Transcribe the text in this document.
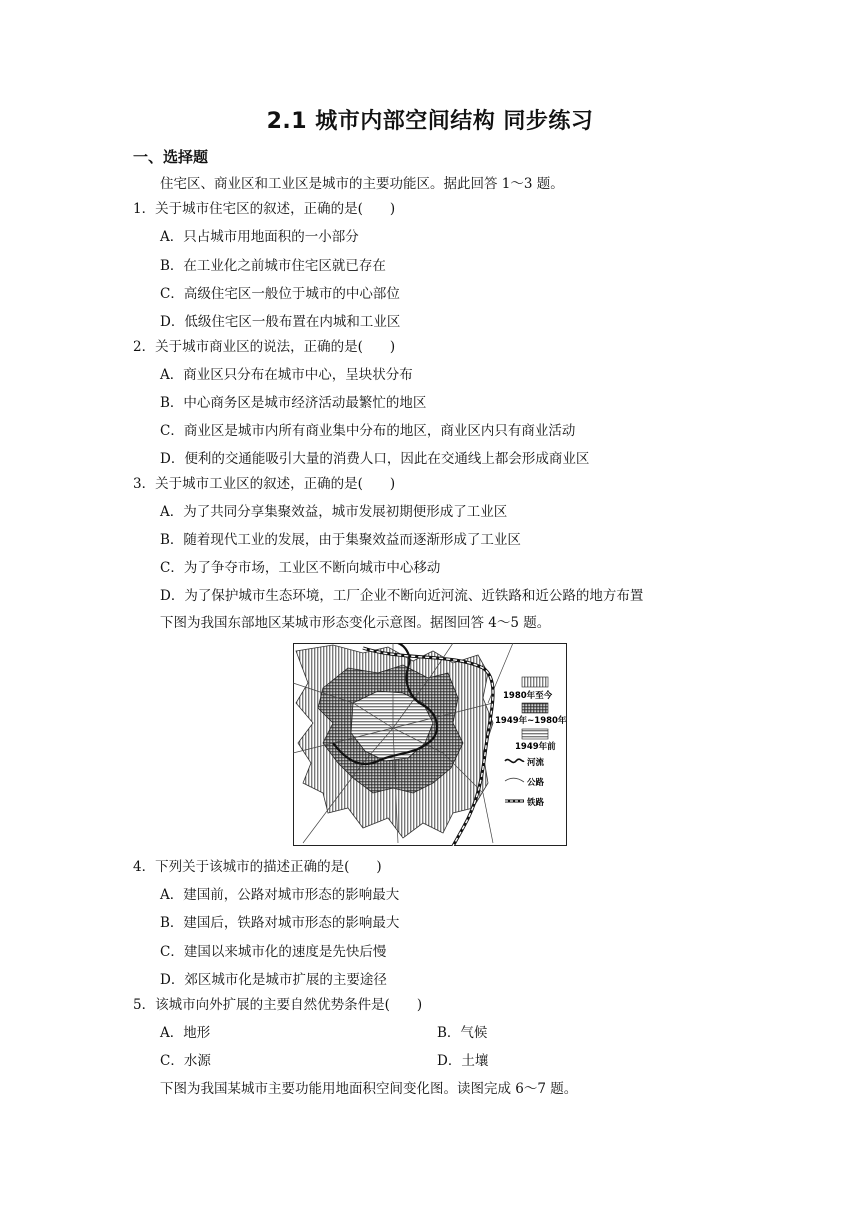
2.1 城市内部空间结构 同步练习
一、选择题
住宅区、商业区和工业区是城市的主要功能区。据此回答 1～3 题。
1．关于城市住宅区的叙述，正确的是(　　)
A．只占城市用地面积的一小部分
B．在工业化之前城市住宅区就已存在
C．高级住宅区一般位于城市的中心部位
D．低级住宅区一般布置在内城和工业区
2．关于城市商业区的说法，正确的是(　　)
A．商业区只分布在城市中心，呈块状分布
B．中心商务区是城市经济活动最繁忙的地区
C．商业区是城市内所有商业集中分布的地区，商业区内只有商业活动
D．便利的交通能吸引大量的消费人口，因此在交通线上都会形成商业区
3．关于城市工业区的叙述，正确的是(　　)
A．为了共同分享集聚效益，城市发展初期便形成了工业区
B．随着现代工业的发展，由于集聚效益而逐渐形成了工业区
C．为了争夺市场，工业区不断向城市中心移动
D．为了保护城市生态环境，工厂企业不断向近河流、近铁路和近公路的地方布置
下图为我国东部地区某城市形态变化示意图。据图回答 4～5 题。
1980年至今
1949年~1980年
1949年前
河流
公路
铁路
4．下列关于该城市的描述正确的是(　　)
A．建国前，公路对城市形态的影响最大
B．建国后，铁路对城市形态的影响最大
C．建国以来城市化的速度是先快后慢
D．郊区城市化是城市扩展的主要途径
5．该城市向外扩展的主要自然优势条件是(　　)
A．地形	B．气候
C．水源	D．土壤
下图为我国某城市主要功能用地面积空间变化图。读图完成 6～7 题。
